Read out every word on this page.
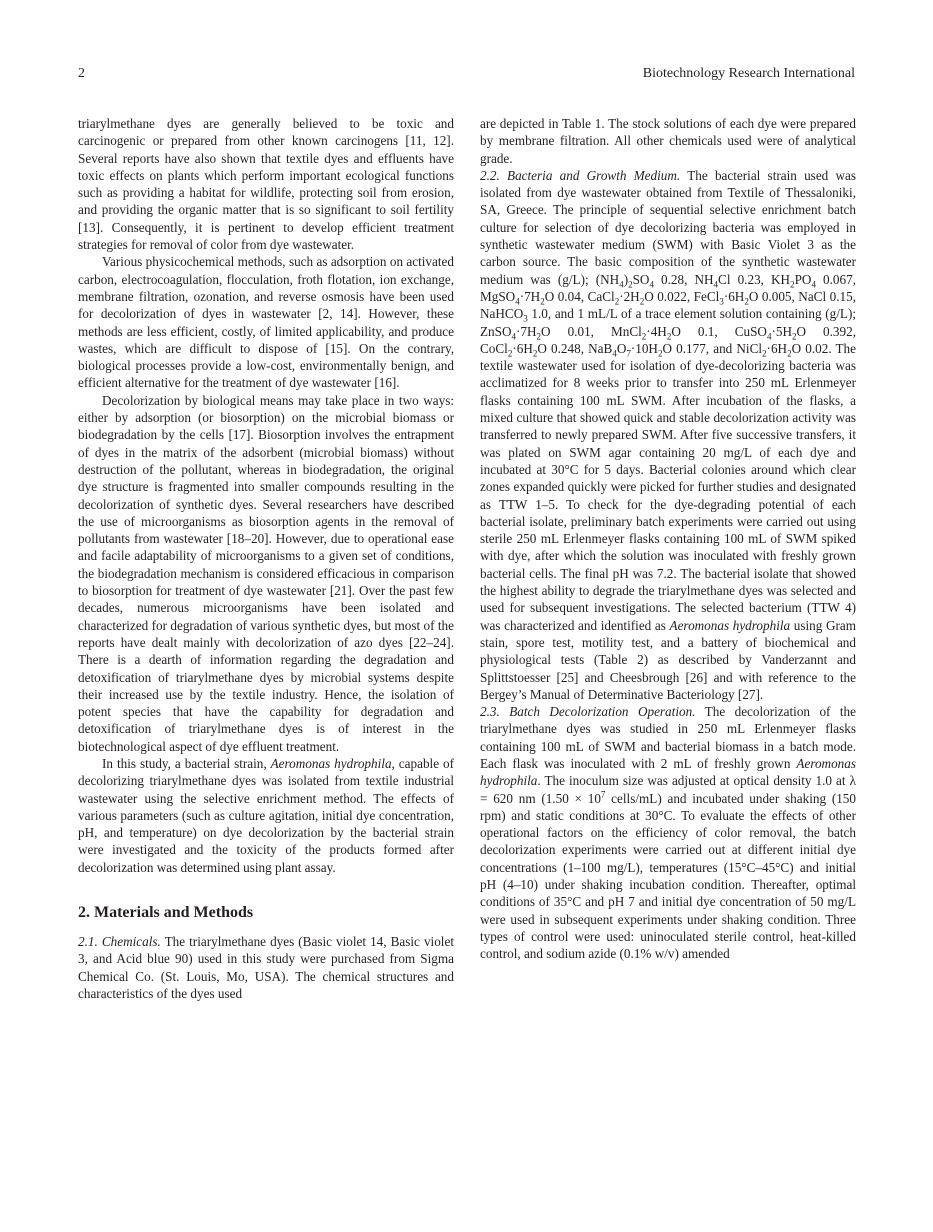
2	Biotechnology Research International

triarylmethane dyes are generally believed to be toxic and carcinogenic or prepared from other known carcinogens [11, 12]. Several reports have also shown that textile dyes and effluents have toxic effects on plants which perform important ecological functions such as providing a habitat for wildlife, protecting soil from erosion, and providing the organic matter that is so significant to soil fertility [13]. Consequently, it is pertinent to develop efficient treatment strategies for removal of color from dye wastewater.

Various physicochemical methods, such as adsorption on activated carbon, electrocoagulation, flocculation, froth flotation, ion exchange, membrane filtration, ozonation, and reverse osmosis have been used for decolorization of dyes in wastewater [2, 14]. However, these methods are less efficient, costly, of limited applicability, and produce wastes, which are difficult to dispose of [15]. On the contrary, biological processes provide a low-cost, environmentally benign, and efficient alternative for the treatment of dye wastewater [16].

Decolorization by biological means may take place in two ways: either by adsorption (or biosorption) on the microbial biomass or biodegradation by the cells [17]. Biosorption involves the entrapment of dyes in the matrix of the adsorbent (microbial biomass) without destruction of the pollutant, whereas in biodegradation, the original dye structure is fragmented into smaller compounds resulting in the decolorization of synthetic dyes. Several researchers have described the use of microorganisms as biosorption agents in the removal of pollutants from wastewater [18–20]. However, due to operational ease and facile adaptability of microorganisms to a given set of conditions, the biodegradation mechanism is considered efficacious in comparison to biosorption for treatment of dye wastewater [21]. Over the past few decades, numerous microorganisms have been isolated and characterized for degradation of various synthetic dyes, but most of the reports have dealt mainly with decolorization of azo dyes [22–24]. There is a dearth of information regarding the degradation and detoxification of triarylmethane dyes by microbial systems despite their increased use by the textile industry. Hence, the isolation of potent species that have the capability for degradation and detoxification of triarylmethane dyes is of interest in the biotechnological aspect of dye effluent treatment.

In this study, a bacterial strain, Aeromonas hydrophila, capable of decolorizing triarylmethane dyes was isolated from textile industrial wastewater using the selective enrichment method. The effects of various parameters (such as culture agitation, initial dye concentration, pH, and temperature) on dye decolorization by the bacterial strain were investigated and the toxicity of the products formed after decolorization was determined using plant assay.

2. Materials and Methods

2.1. Chemicals. The triarylmethane dyes (Basic violet 14, Basic violet 3, and Acid blue 90) used in this study were purchased from Sigma Chemical Co. (St. Louis, Mo, USA). The chemical structures and characteristics of the dyes used

are depicted in Table 1. The stock solutions of each dye were prepared by membrane filtration. All other chemicals used were of analytical grade.

2.2. Bacteria and Growth Medium. The bacterial strain used was isolated from dye wastewater obtained from Textile of Thessaloniki, SA, Greece. The principle of sequential selective enrichment batch culture for selection of dye decolorizing bacteria was employed in synthetic wastewater medium (SWM) with Basic Violet 3 as the carbon source. The basic composition of the synthetic wastewater medium was (g/L); $(NH_4)_2SO_4$ 0.28, $NH_4Cl$ 0.23, $KH_2PO_4$ 0.067, $MgSO_4\cdot 7H_2O$ 0.04, $CaCl_2\cdot 2H_2O$ 0.022, $FeCl_3\cdot 6H_2O$ 0.005, NaCl 0.15, NaHCO$_3$ 1.0, and 1 mL/L of a trace element solution containing (g/L); $ZnSO_4\cdot 7H_2O$ 0.01, $MnCl_2\cdot 4H_2O$ 0.1, $CuSO_4\cdot 5H_2O$ 0.392, $CoCl_2\cdot 6H_2O$ 0.248, $NaB_4O_7\cdot 10H_2O$ 0.177, and $NiCl_2\cdot 6H_2O$ 0.02. The textile wastewater used for isolation of dye-decolorizing bacteria was acclimatized for 8 weeks prior to transfer into 250 mL Erlenmeyer flasks containing 100 mL SWM. After incubation of the flasks, a mixed culture that showed quick and stable decolorization activity was transferred to newly prepared SWM. After five successive transfers, it was plated on SWM agar containing 20 mg/L of each dye and incubated at 30°C for 5 days. Bacterial colonies around which clear zones expanded quickly were picked for further studies and designated as TTW 1–5. To check for the dye-degrading potential of each bacterial isolate, preliminary batch experiments were carried out using sterile 250 mL Erlenmeyer flasks containing 100 mL of SWM spiked with dye, after which the solution was inoculated with freshly grown bacterial cells. The final pH was 7.2. The bacterial isolate that showed the highest ability to degrade the triarylmethane dyes was selected and used for subsequent investigations. The selected bacterium (TTW 4) was characterized and identified as Aeromonas hydrophila using Gram stain, spore test, motility test, and a battery of biochemical and physiological tests (Table 2) as described by Vanderzannt and Splittstoesser [25] and Cheesbrough [26] and with reference to the Bergey’s Manual of Determinative Bacteriology [27].

2.3. Batch Decolorization Operation. The decolorization of the triarylmethane dyes was studied in 250 mL Erlenmeyer flasks containing 100 mL of SWM and bacterial biomass in a batch mode. Each flask was inoculated with 2 mL of freshly grown Aeromonas hydrophila. The inoculum size was adjusted at optical density 1.0 at λ = 620 nm ($1.50 \times 10^7$ cells/mL) and incubated under shaking (150 rpm) and static conditions at 30°C. To evaluate the effects of other operational factors on the efficiency of color removal, the batch decolorization experiments were carried out at different initial dye concentrations (1–100 mg/L), temperatures (15°C–45°C) and initial pH (4–10) under shaking incubation condition. Thereafter, optimal conditions of 35°C and pH 7 and initial dye concentration of 50 mg/L were used in subsequent experiments under shaking condition. Three types of control were used: uninoculated sterile control, heat-killed control, and sodium azide (0.1% w/v) amended
